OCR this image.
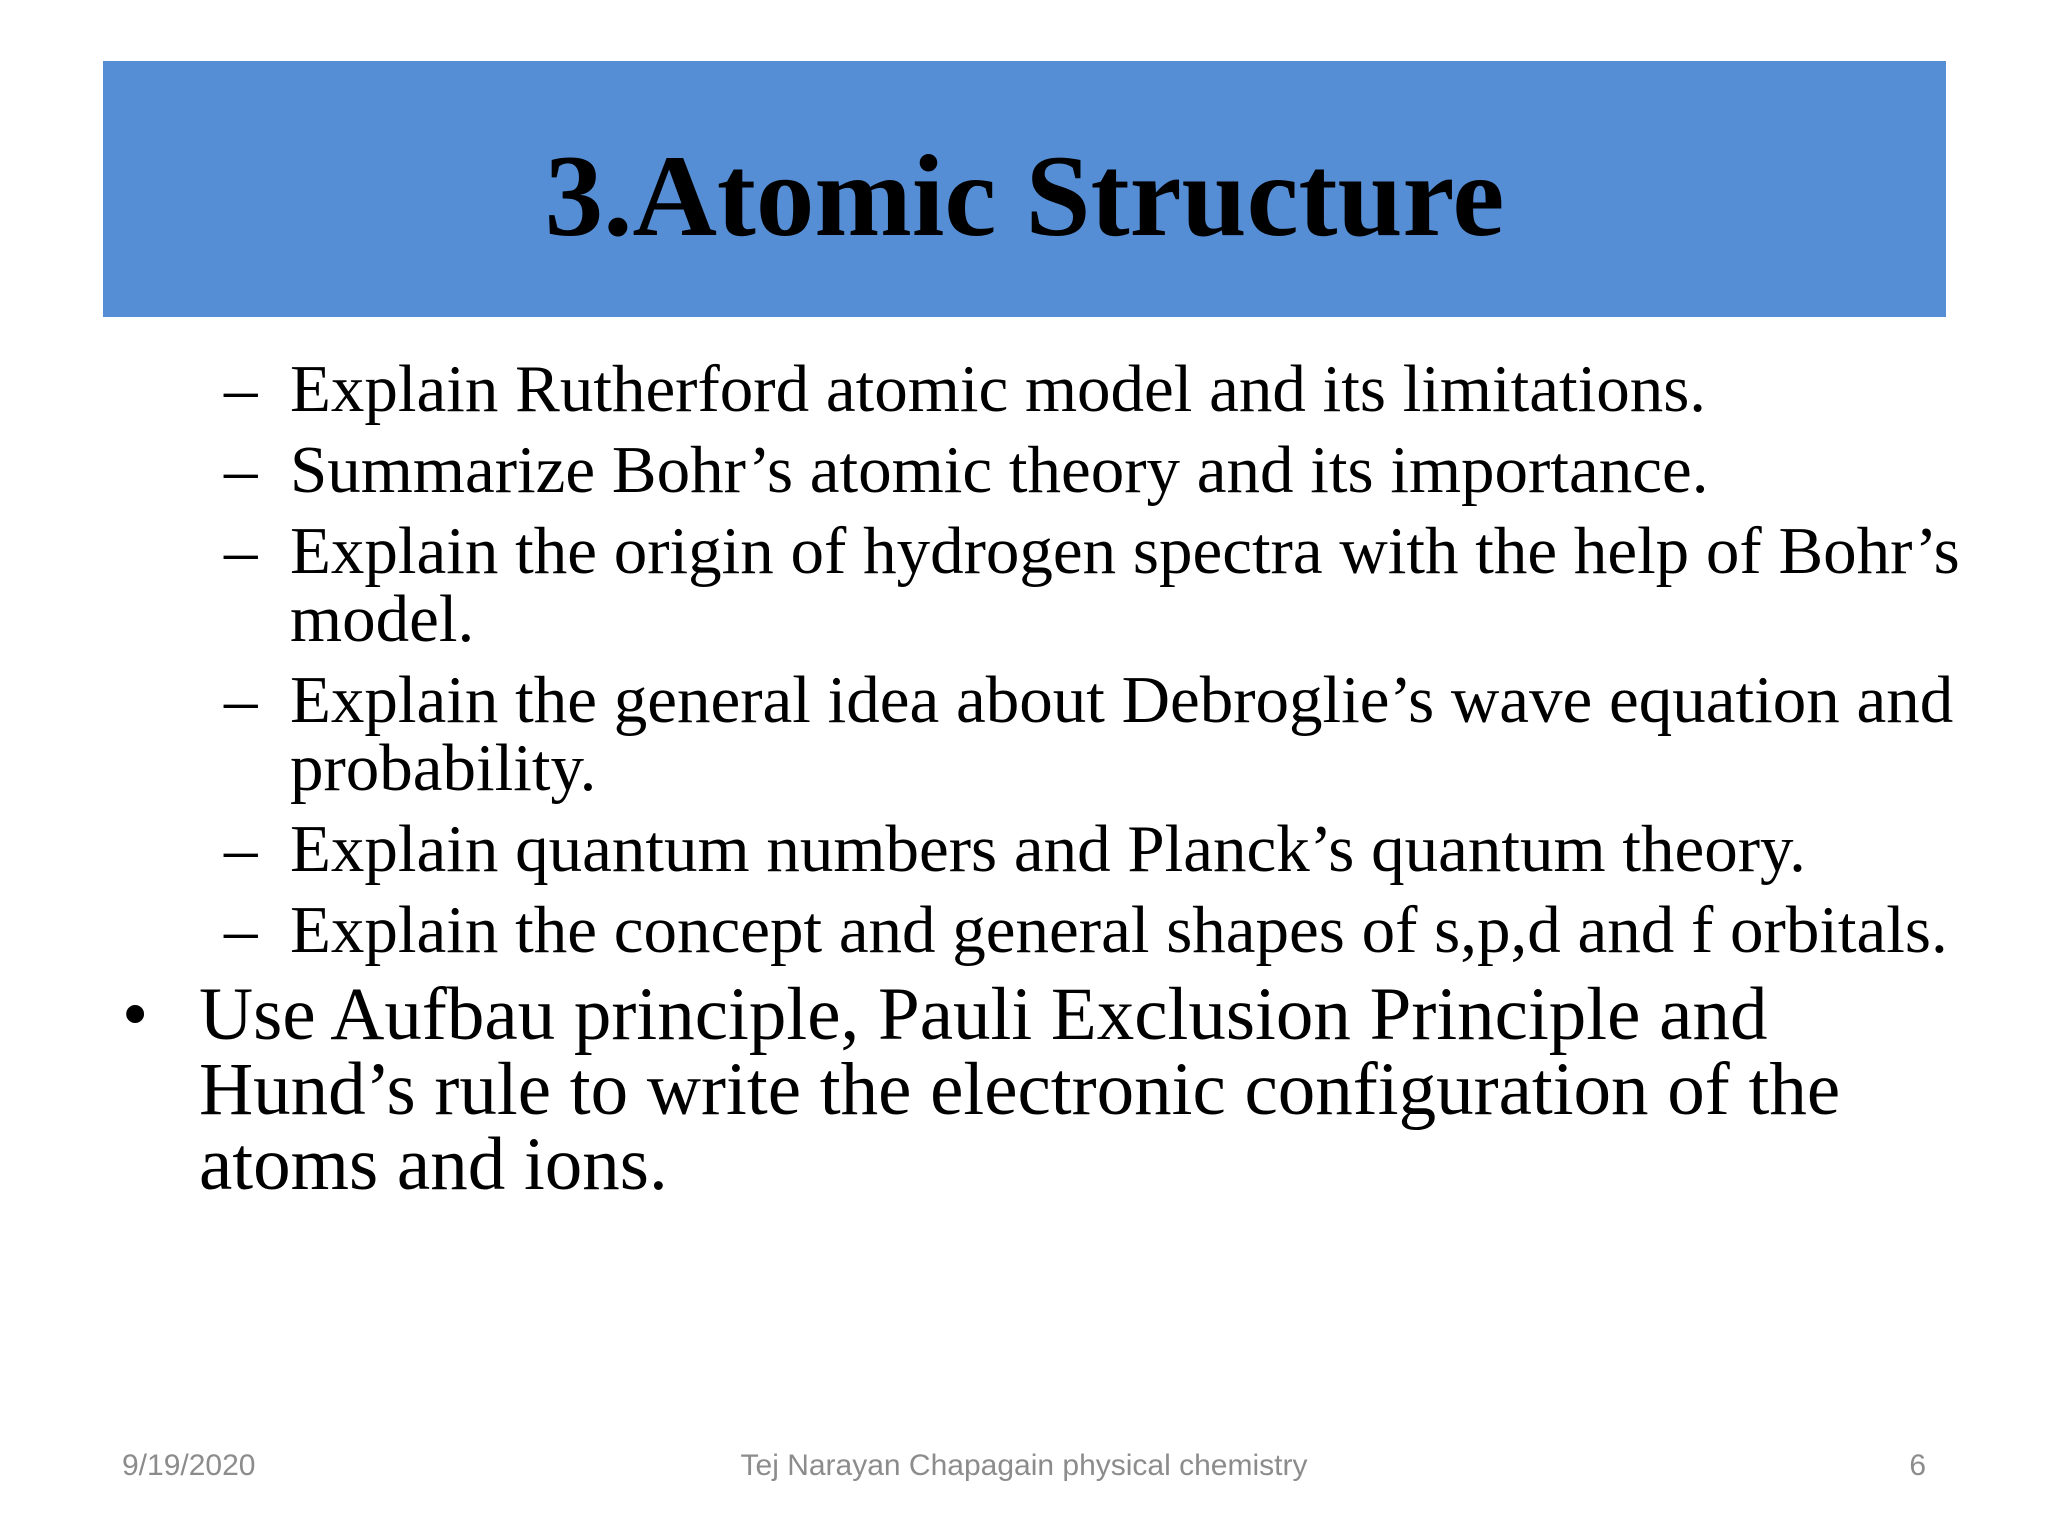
3.Atomic Structure
– Explain Rutherford atomic model and its limitations.
– Summarize Bohr’s atomic theory and its importance.
– Explain the origin of hydrogen spectra with the help of Bohr’s model.
– Explain the general idea about Debroglie’s wave equation and probability.
– Explain quantum numbers and Planck’s quantum theory.
– Explain the concept and general shapes of s,p,d and f orbitals.
• Use Aufbau principle, Pauli Exclusion Principle and Hund’s rule to write the electronic configuration of the atoms and ions.
9/19/2020	Tej Narayan Chapagain physical chemistry	6
